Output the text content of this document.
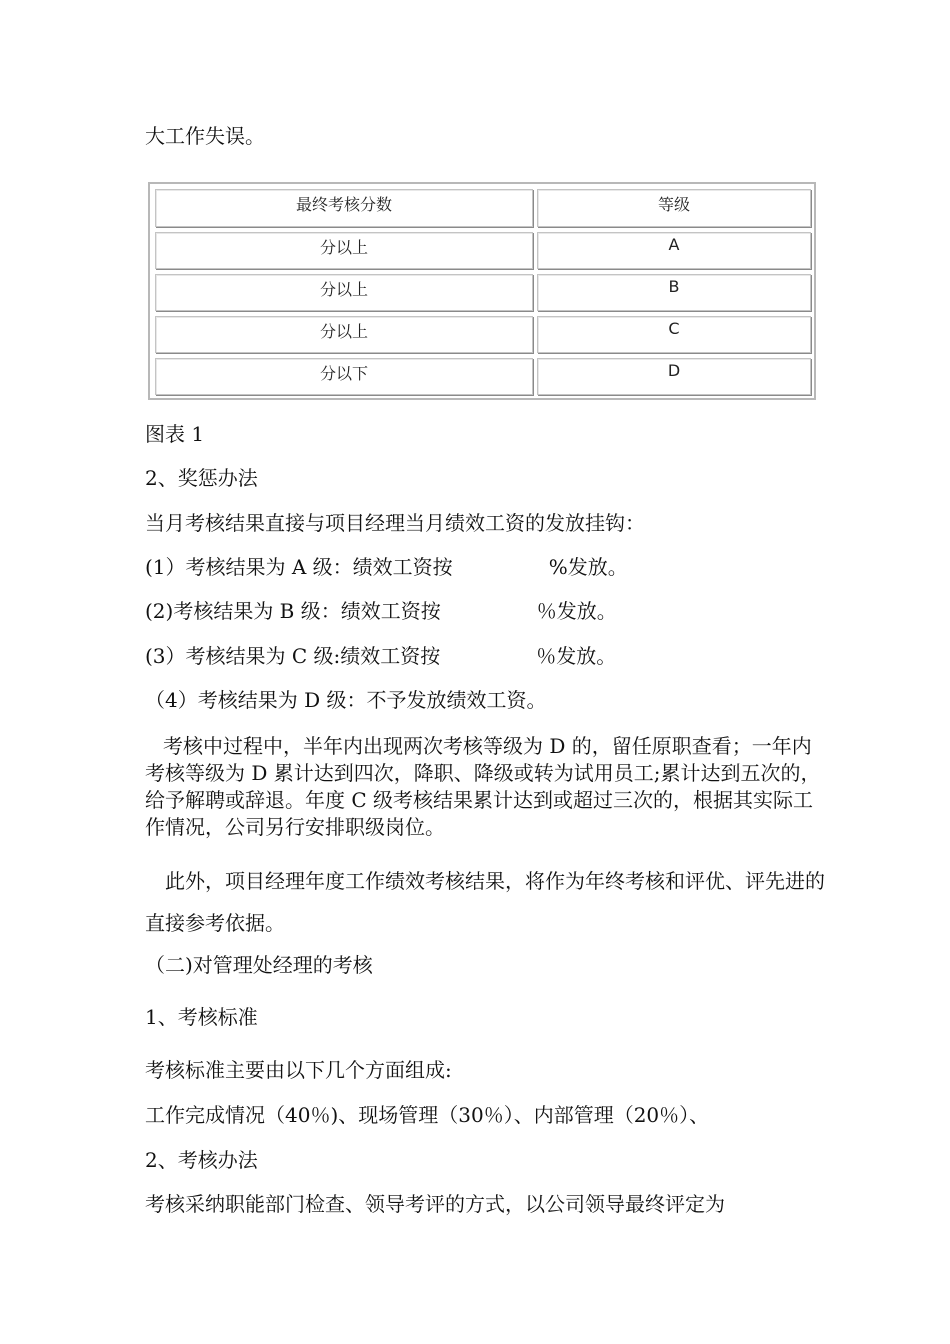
大工作失误。
最终考核分数	等级
分以上	A
分以上	B
分以上	C
分以下	D
图表 1
2、奖惩办法
当月考核结果直接与项目经理当月绩效工资的发放挂钩：
(1）考核结果为 A 级：绩效工资按	%发放。
(2)考核结果为 B 级：绩效工资按	％发放。
(3）考核结果为 C 级:绩效工资按	％发放。
（4）考核结果为 D 级：不予发放绩效工资。
考核中过程中，半年内出现两次考核等级为 D 的，留任原职查看；一年内考核等级为 D 累计达到四次，降职、降级或转为试用员工;累计达到五次的，给予解聘或辞退。年度 C 级考核结果累计达到或超过三次的，根据其实际工作情况，公司另行安排职级岗位。
此外，项目经理年度工作绩效考核结果，将作为年终考核和评优、评先进的直接参考依据。
（二)对管理处经理的考核
1、考核标准
考核标准主要由以下几个方面组成:
工作完成情况（40％)、现场管理（30％）、内部管理（20％）、
2、考核办法
考核采纳职能部门检查、领导考评的方式，以公司领导最终评定为
